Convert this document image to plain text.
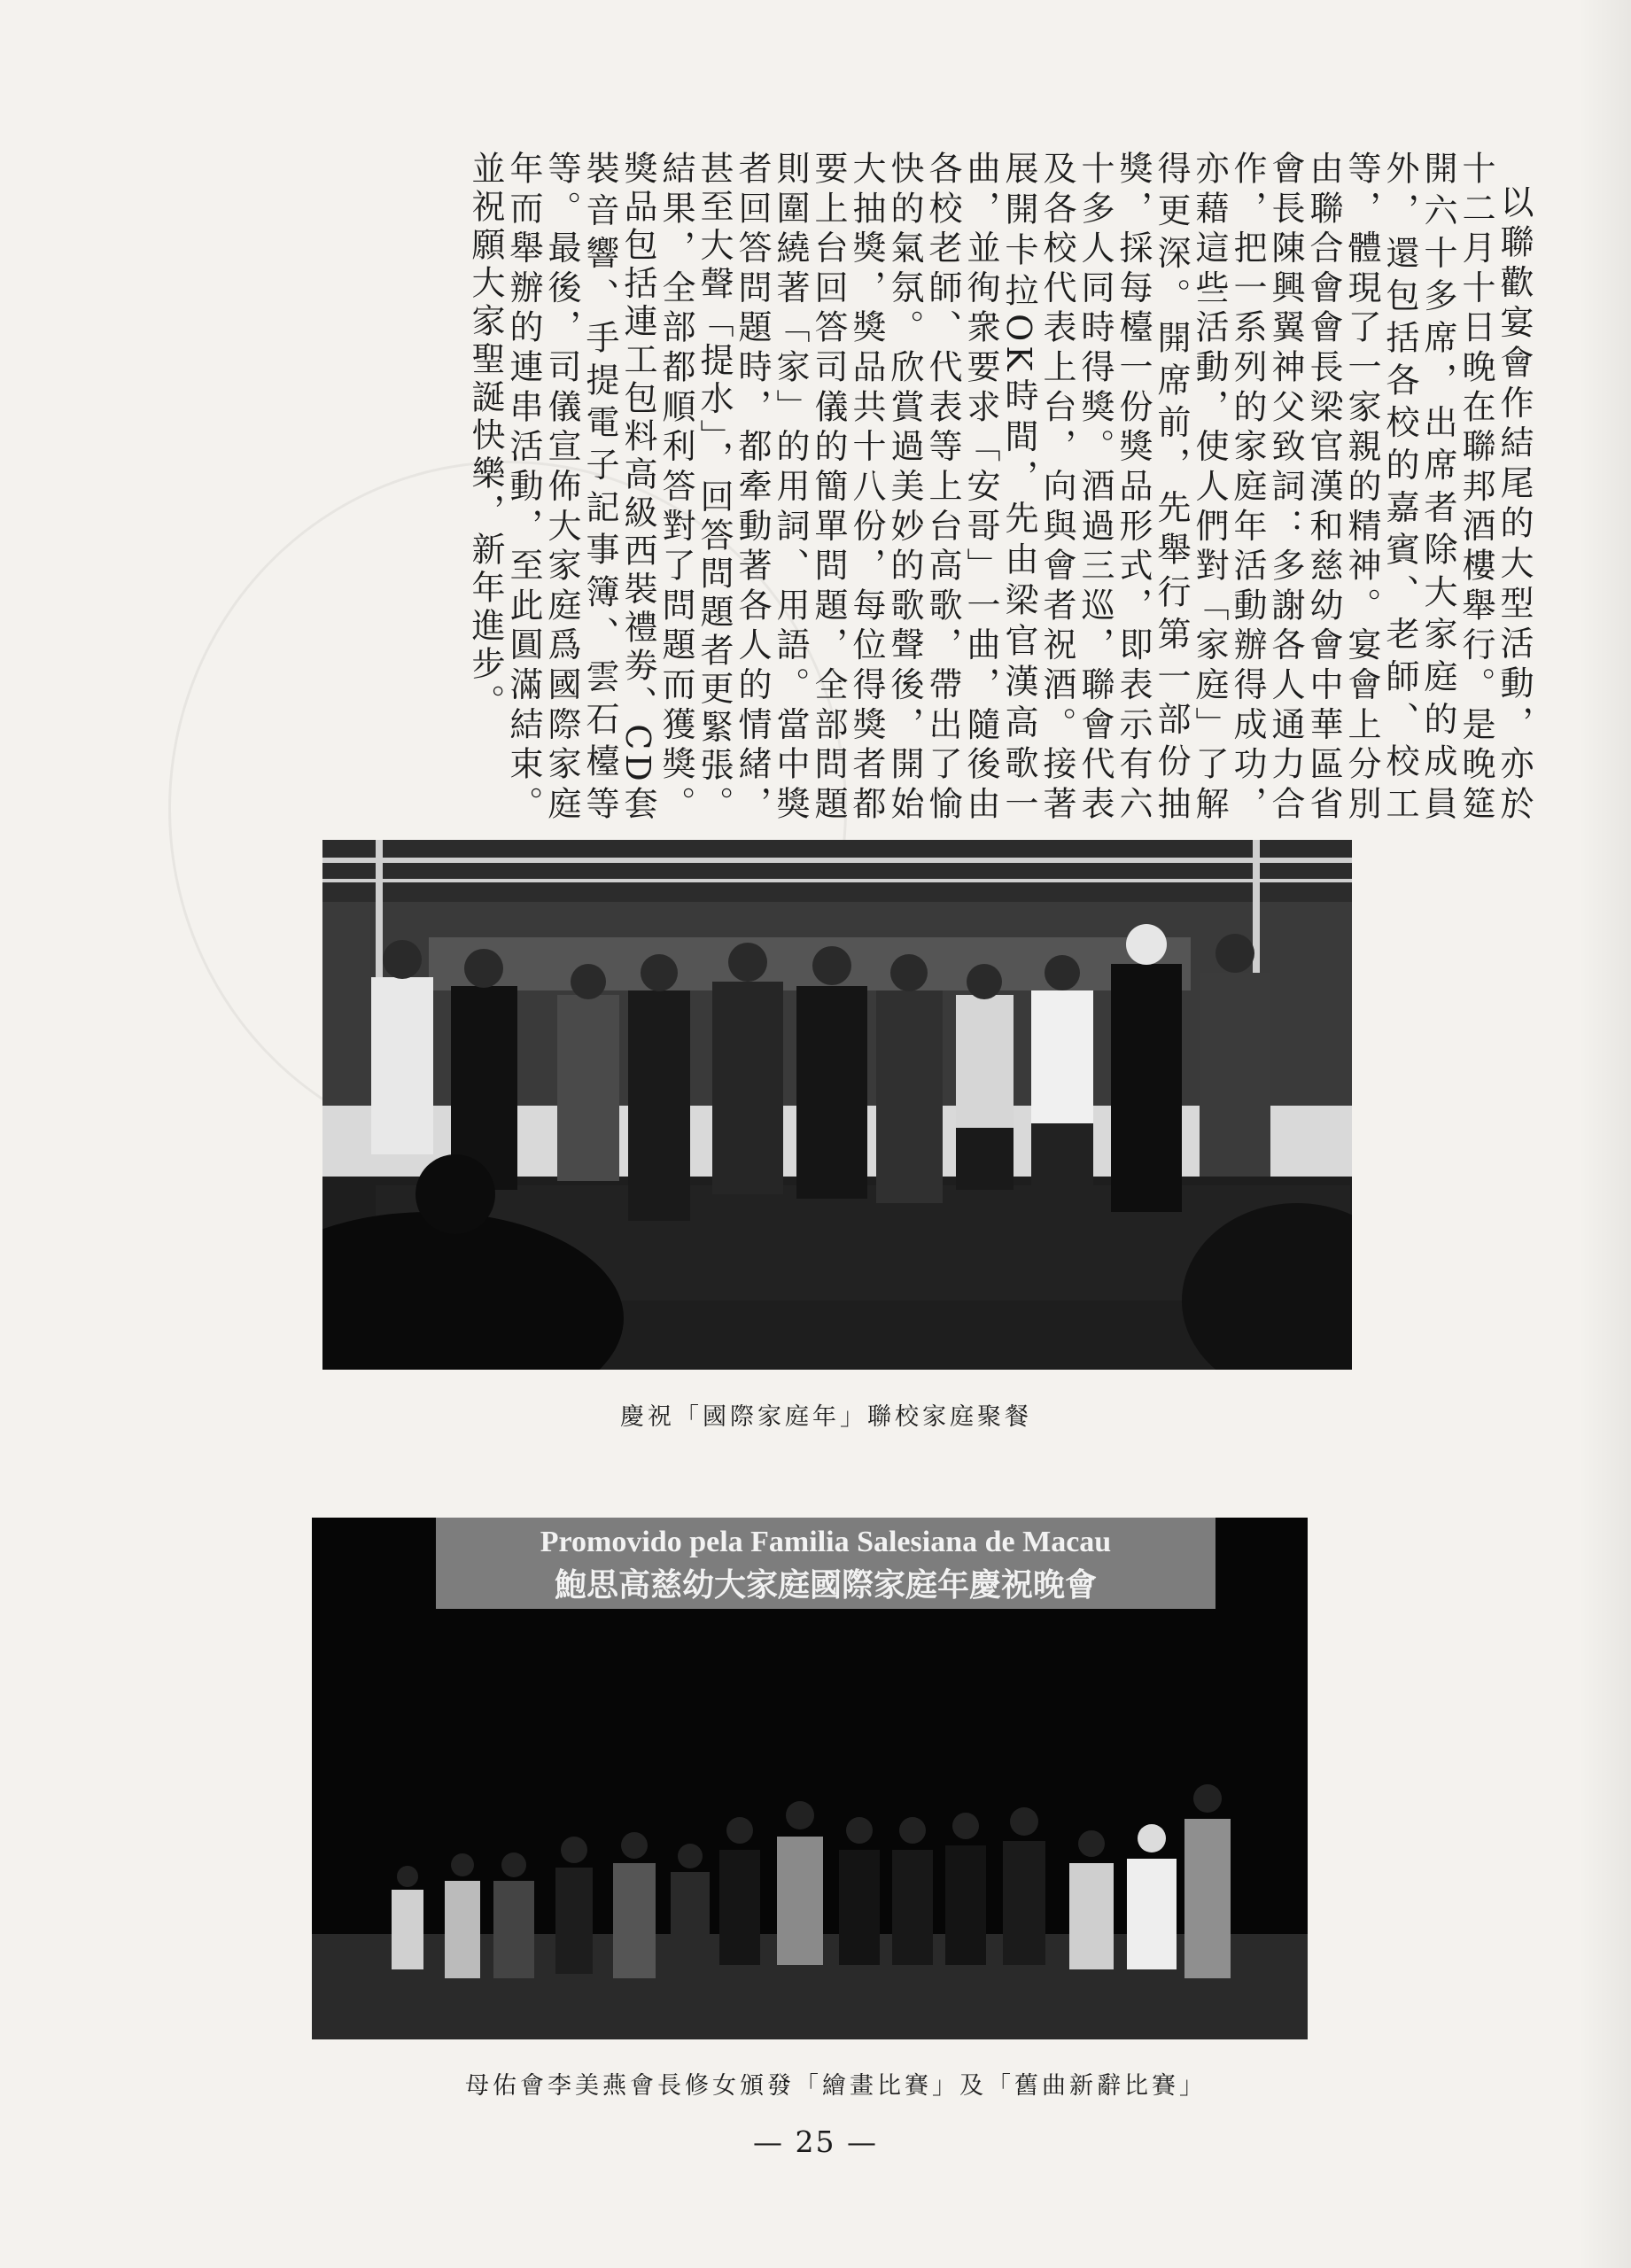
以聯歡宴會作結尾的大型活動，亦於十二月十日晚在聯邦酒樓舉行。是晚筵開六十多席，出席者除大家庭的成員外，還包括各校的嘉賓、老師、校工等，體現了一家親的精神。宴會上分別由聯合會會長梁官漢和慈幼會中華區省會長陳興翼神父致詞：多謝各人通力合作，把一系列的家庭年活動辦得成功，亦藉這些活動，使人們對「家庭」了解得更深。開席前，先舉行第一部份抽獎，採每檯一份獎品形式，即表示有六十多人同時得獎。酒過三巡，聯會代表及各校代表上台，向與會者祝酒。接著展開卡拉OK時間，先由梁官漢高歌一曲，並徇衆要求「安哥」一曲，隨後由各校老師、代表等上台高歌，帶出了愉快的氣氛。欣賞過美妙的歌聲後，開始大抽獎，獎品共十八份，每位得獎者都要上台回答司儀的簡單問題，全部問題則圍繞著「家」的用詞、用語。當中獎者回答問題時，都牽動著各人的情緒，甚至大聲「提水」，回答問題者更緊張。結果，全部都順利答對了問題而獲獎。獎品包括連工包料高級西裝禮劵、CD套裝音響、手提電子記事簿、雲石檯等等。最後，司儀宣佈大家庭爲國際家庭年而舉辦的連串活動，至此圓滿結束。並祝願大家聖誕快樂，新年進步。

慶祝「國際家庭年」聯校家庭聚餐
Promovido pela Familia Salesiana de Macau
鮑思高慈幼大家庭國際家庭年慶祝晚會
母佑會李美燕會長修女頒發「繪畫比賽」及「舊曲新辭比賽」
— 25 —
